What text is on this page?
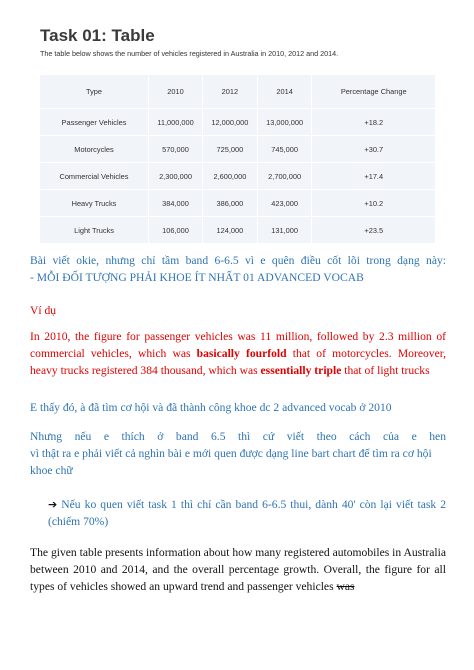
Task 01: Table
The table below shows the number of vehicles registered in Australia in 2010, 2012 and 2014.
Type	2010	2012	2014	Percentage Change
Passenger Vehicles	11,000,000	12,000,000	13,000,000	+18.2
Motorcycles	570,000	725,000	745,000	+30.7
Commercial Vehicles	2,300,000	2,600,000	2,700,000	+17.4
Heavy Trucks	384,000	386,000	423,000	+10.2
Light Trucks	106,000	124,000	131,000	+23.5

Bài viết okie, nhưng chỉ tầm band 6-6.5 vì e quên điều cốt lõi trong dạng này:
- MỖI ĐỐI TƯỢNG PHẢI KHOE ÍT NHẤT 01 ADVANCED VOCAB

Ví dụ

In 2010, the figure for passenger vehicles was 11 million, followed by 2.3 million of commercial vehicles, which was basically fourfold that of motorcycles. Moreover, heavy trucks registered 384 thousand, which was essentially triple that of light trucks

E thấy đó, à đã tìm cơ hội và đã thành công khoe dc 2 advanced vocab ở 2010

Nhưng nếu e thích ở band 6.5 thì cứ viết theo cách của e hen
vì thật ra e phải viết cả nghìn bài e mới quen được dạng line bart chart để tìm ra cơ hội khoe chữ

➔ Nếu ko quen viết task 1 thì chỉ cần band 6-6.5 thui, dành 40' còn lại viết task 2 (chiếm 70%)

The given table presents information about how many registered automobiles in Australia between 2010 and 2014, and the overall percentage growth. Overall, the figure for all types of vehicles showed an upward trend and passenger vehicles was
